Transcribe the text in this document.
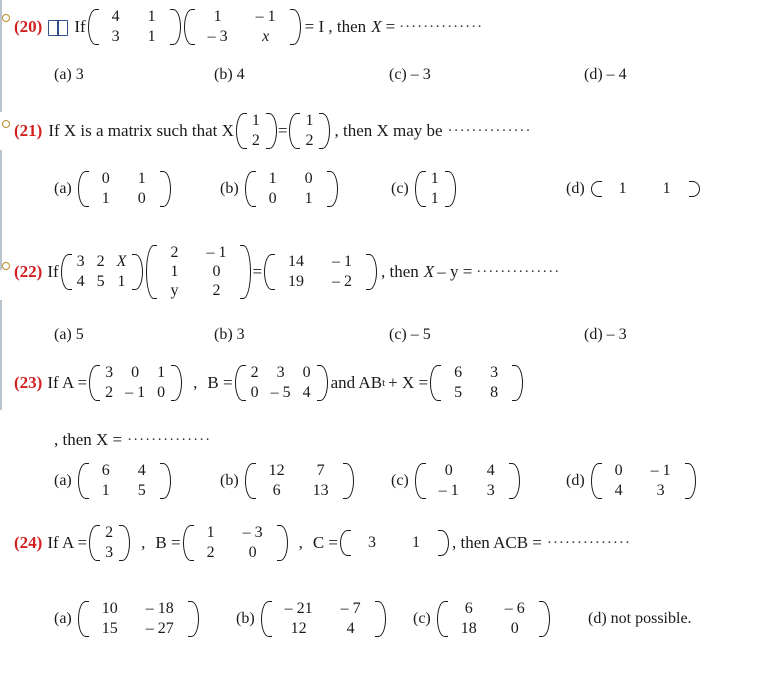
(20) If
4	1
3	1
1	– 1
– 3	x
= I , then X = ··············
(a) 3	(b) 4	(c) – 3	(d) – 4
(21) If X is a matrix such that X
1
2
=
1
2
, then X may be ··············
(a)
0	1
1	0
(b)
1	0
0	1
(c)
1
1
(d)	1	1
(22) If
3 2 X
4 5 1
2	– 1
1	0
y	2
=
14	– 1
19	– 2
, then X – y = ··············
(a) 5	(b) 3	(c) – 5	(d) – 3
(23) If A =
3	0	1
2 – 1 0
, B =
2	3	0
0 – 5 4
and AB t + X =
6	3
5	8
, then X = ··············
(a)
6	4
1	5
(b)
12	7
6	13
(c)
0	4
– 1	3
(d)
0	– 1
4	3
(24) If A =
2
3
, B =
1	– 3
2	0
, C =	3	1	, then ACB = ··············
(a)
10	– 18
15	– 27
(b)
– 21	– 7
12	4
(c)
6	– 6
18	0
(d) not possible.
